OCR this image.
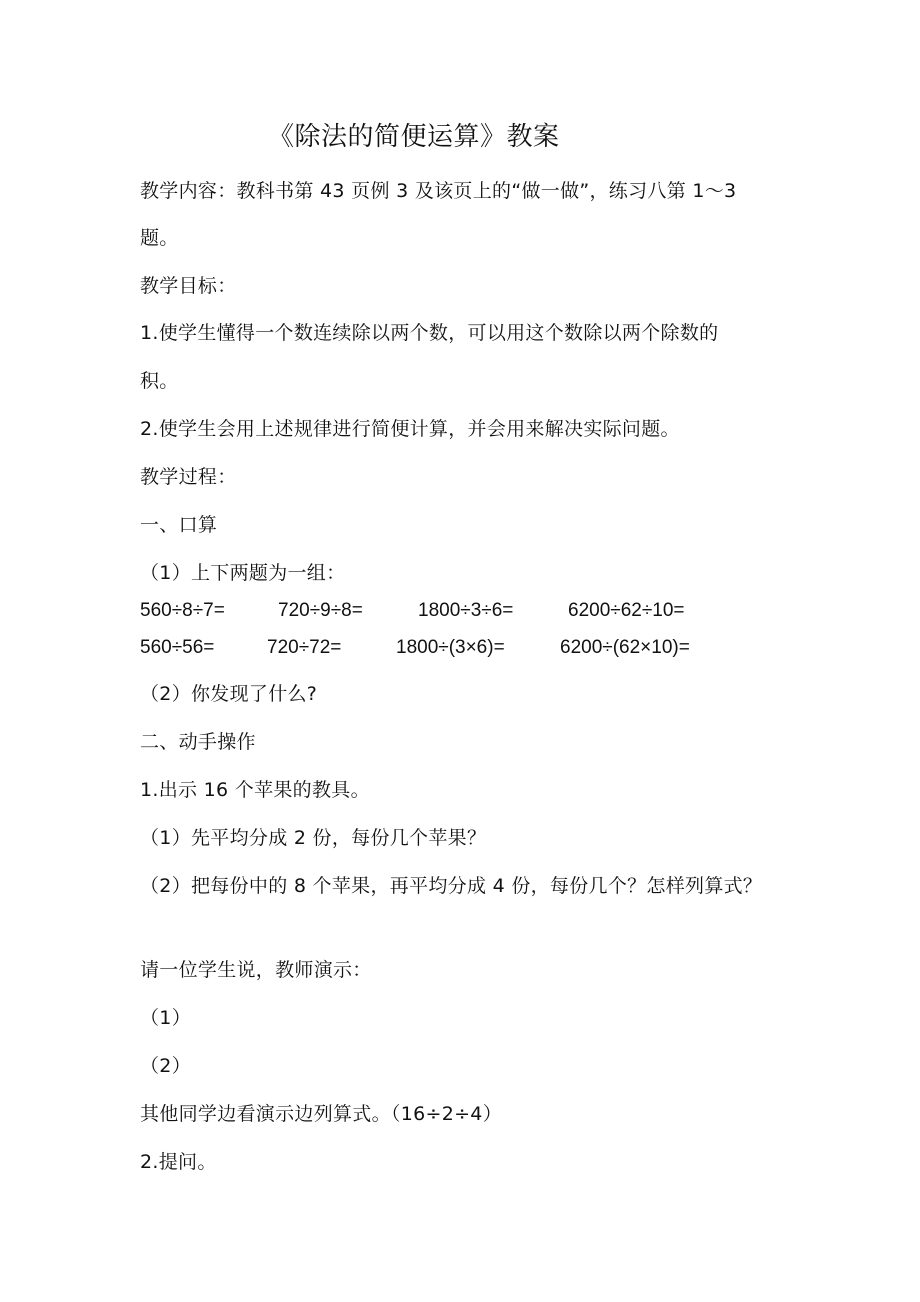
《除法的简便运算》教案
教学内容：教科书第 43 页例 3 及该页上的“做一做”，练习八第 1～3
题。
教学目标：
1.使学生懂得一个数连续除以两个数，可以用这个数除以两个除数的
积。
2.使学生会用上述规律进行简便计算，并会用来解决实际问题。
教学过程：
一、口算
（1）上下两题为一组：
560÷8÷7=	720÷9÷8=	1800÷3÷6=	6200÷62÷10=
560÷56=	720÷72=	1800÷(3×6)=	6200÷(62×10)=
（2）你发现了什么?
二、动手操作
1.出示 16 个苹果的教具。
（1）先平均分成 2 份，每份几个苹果？
（2）把每份中的 8 个苹果，再平均分成 4 份，每份几个？怎样列算式？
请一位学生说，教师演示：
（1）
（2）
其他同学边看演示边列算式。（16÷2÷4）
2.提问。
